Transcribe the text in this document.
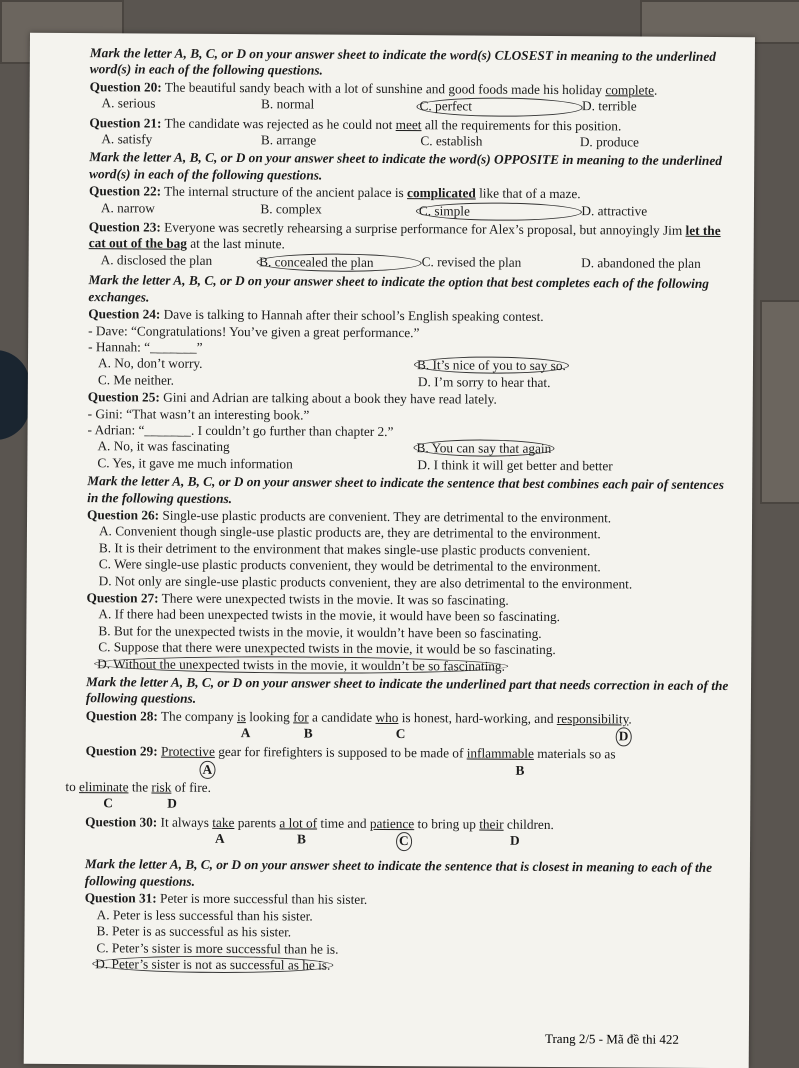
Mark the letter A, B, C, or D on your answer sheet to indicate the word(s) CLOSEST in meaning to the underlined word(s) in each of the following questions.
Question 20: The beautiful sandy beach with a lot of sunshine and good foods made his holiday complete.
A. serious	B. normal	C. perfect	D. terrible
Question 21: The candidate was rejected as he could not meet all the requirements for this position.
A. satisfy	B. arrange	C. establish	D. produce
Mark the letter A, B, C, or D on your answer sheet to indicate the word(s) OPPOSITE in meaning to the underlined word(s) in each of the following questions.
Question 22: The internal structure of the ancient palace is complicated like that of a maze.
A. narrow	B. complex	C. simple	D. attractive
Question 23: Everyone was secretly rehearsing a surprise performance for Alex’s proposal, but annoyingly Jim let the cat out of the bag at the last minute.
A. disclosed the plan	B. concealed the plan	C. revised the plan	D. abandoned the plan
Mark the letter A, B, C, or D on your answer sheet to indicate the option that best completes each of the following exchanges.
Question 24: Dave is talking to Hannah after their school’s English speaking contest.
- Dave: “Congratulations! You’ve given a great performance.”
- Hannah: “_______”
A. No, don’t worry.	B. It’s nice of you to say so.
C. Me neither.	D. I’m sorry to hear that.
Question 25: Gini and Adrian are talking about a book they have read lately.
- Gini: “That wasn’t an interesting book.”
- Adrian: “_______. I couldn’t go further than chapter 2.”
A. No, it was fascinating	B. You can say that again
C. Yes, it gave me much information	D. I think it will get better and better
Mark the letter A, B, C, or D on your answer sheet to indicate the sentence that best combines each pair of sentences in the following questions.
Question 26: Single-use plastic products are convenient. They are detrimental to the environment.
A. Convenient though single-use plastic products are, they are detrimental to the environment.
B. It is their detriment to the environment that makes single-use plastic products convenient.
C. Were single-use plastic products convenient, they would be detrimental to the environment.
D. Not only are single-use plastic products convenient, they are also detrimental to the environment.
Question 27: There were unexpected twists in the movie. It was so fascinating.
A. If there had been unexpected twists in the movie, it would have been so fascinating.
B. But for the unexpected twists in the movie, it wouldn’t have been so fascinating.
C. Suppose that there were unexpected twists in the movie, it would be so fascinating.
D. Without the unexpected twists in the movie, it wouldn’t be so fascinating.
Mark the letter A, B, C, or D on your answer sheet to indicate the underlined part that needs correction in each of the following questions.
Question 28: The company is looking for a candidate who is honest, hard-working, and responsibility.
A	B	C	D
Question 29: Protective gear for firefighters is supposed to be made of inflammable materials so as
A	B
to eliminate the risk of fire.
C	D
Question 30: It always take parents a lot of time and patience to bring up their children.
A	B	C	D
Mark the letter A, B, C, or D on your answer sheet to indicate the sentence that is closest in meaning to each of the following questions.
Question 31: Peter is more successful than his sister.
A. Peter is less successful than his sister.
B. Peter is as successful as his sister.
C. Peter’s sister is more successful than he is.
D. Peter’s sister is not as successful as he is.
Trang 2/5 - Mã đề thi 422
